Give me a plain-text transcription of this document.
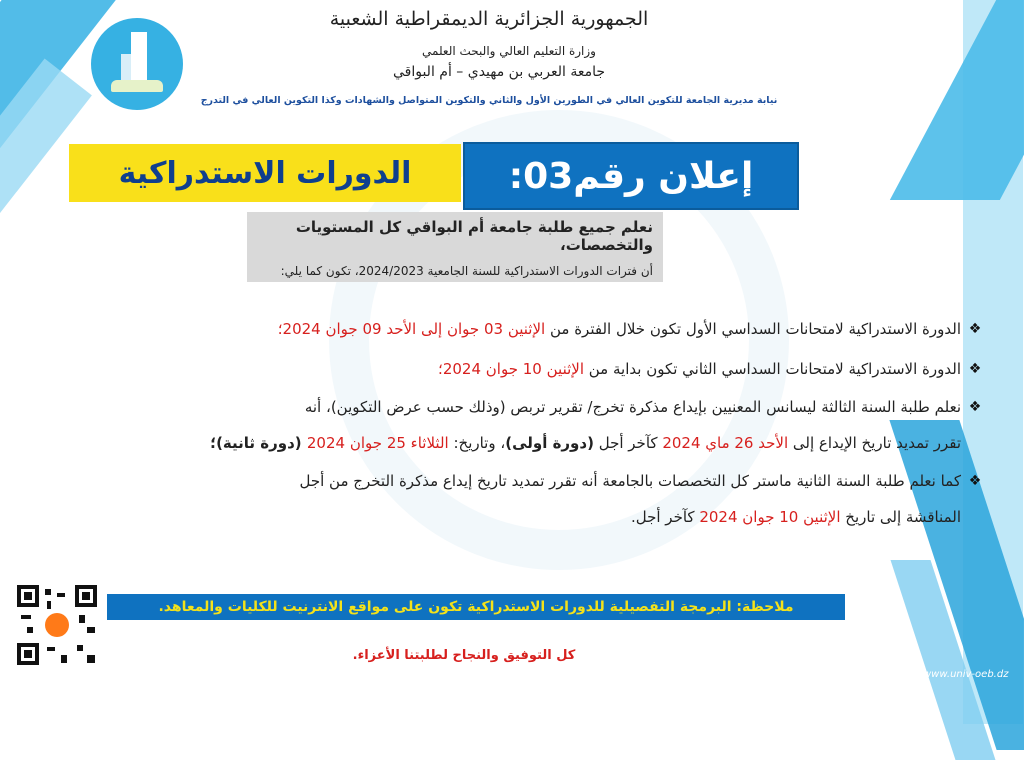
الجمهورية الجزائرية الديمقراطية الشعبية
وزارة التعليم العالي والبحث العلمي
جامعة العربي بن مهيدي – أم البواقي
نيابة مديرية الجامعة للتكوين العالي في الطورين الأول والثاني والتكوين المتواصل والشهادات وكذا التكوين العالي في التدرج
إعلان رقم03:
الدورات الاستدراكية
نعلم جميع طلبة جامعة أم البواقي كل المستويات والتخصصات،
أن فترات الدورات الاستدراكية للسنة الجامعية 2024/2023، تكون كما يلي:
❖
الدورة الاستدراكية لامتحانات السداسي الأول تكون خلال الفترة من الإثنين 03 جوان إلى الأحد 09 جوان 2024؛
❖
الدورة الاستدراكية لامتحانات السداسي الثاني تكون بداية من الإثنين 10 جوان 2024؛
❖
نعلم طلبة السنة الثالثة ليسانس المعنيين بإيداع مذكرة تخرج/ تقرير تربص (وذلك حسب عرض التكوين)، أنه
تقرر تمديد تاريخ الإيداع إلى الأحد 26 ماي 2024 كآخر أجل (دورة أولى)، وتاريخ: الثلاثاء 25 جوان 2024 (دورة ثانية)؛
❖
كما نعلم طلبة السنة الثانية ماستر كل التخصصات بالجامعة أنه تقرر تمديد تاريخ إيداع مذكرة التخرج من أجل
المناقشة إلى تاريخ الإثنين 10 جوان 2024 كآخر أجل.
ملاحظة: البرمجة التفصيلية للدورات الاستدراكية تكون على مواقع الانترنيت للكليات والمعاهد.
كل التوفيق والنجاح لطلبتنا الأعزاء.
www.univ-oeb.dz
